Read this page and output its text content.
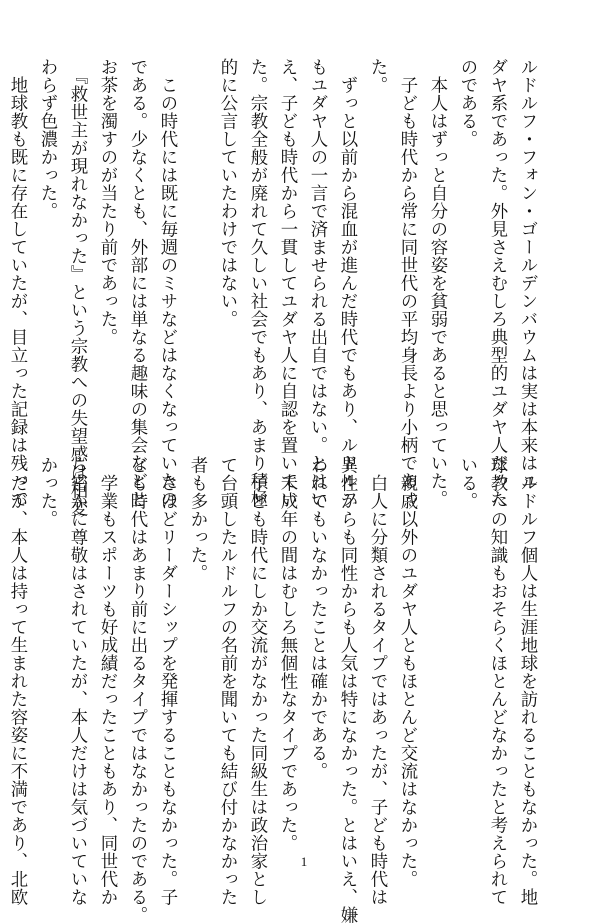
ルドルフ・フォン・ゴールデンバウムは実は本来はユ

ダヤ系であった。外見さえむしろ典型的ユダヤ人だった

のである。

　本人はずっと自分の容姿を貧弱であると思っていた。

　子ども時代から常に同世代の平均身長より小柄であっ

た。

　ずっと以前から混血が進んだ時代でもあり、ルドルフ

もユダヤ人の一言で済ませられる出自ではない。とはい

え、子ども時代から一貫してユダヤ人に自認を置いてい

た。宗教全般が廃れて久しい社会でもあり、あまり積極

的に公言していたわけではない。

　この時代には既に毎週のミサなどはなくなっていたの

である。少なくとも、外部には単なる趣味の集会などと

お茶を濁すのが当たり前であった。

　『救世主が現れなかった』という宗教への失望感は相変

わらず色濃かった。

　地球教も既に存在していたが、目立った記録は残って

　ルドルフ個人は生涯地球を訪れることもなかった。地

球教への知識もおそらくほとんどなかったと考えられて

いる。

　親戚以外のユダヤ人ともほとんど交流はなかった。

　白人に分類されるタイプではあったが、子ども時代は

異性からも同性からも人気は特になかった。とはいえ、嫌

われてもいなかったことは確かである。

　未成年の間はむしろ無個性なタイプであった。

　子ども時代にしか交流がなかった同級生は政治家とし

て台頭したルドルフの名前を聞いても結び付かなかった

者も多かった。

　さほどリーダーシップを発揮することもなかった。子

ども時代はあまり前に出るタイプではなかったのである。

　学業もスポーツも好成績だったこともあり、同世代か

ら密かに尊敬はされていたが、本人だけは気づいていな

かった。

　だが、本人は持って生まれた容姿に不満であり、北欧	1
